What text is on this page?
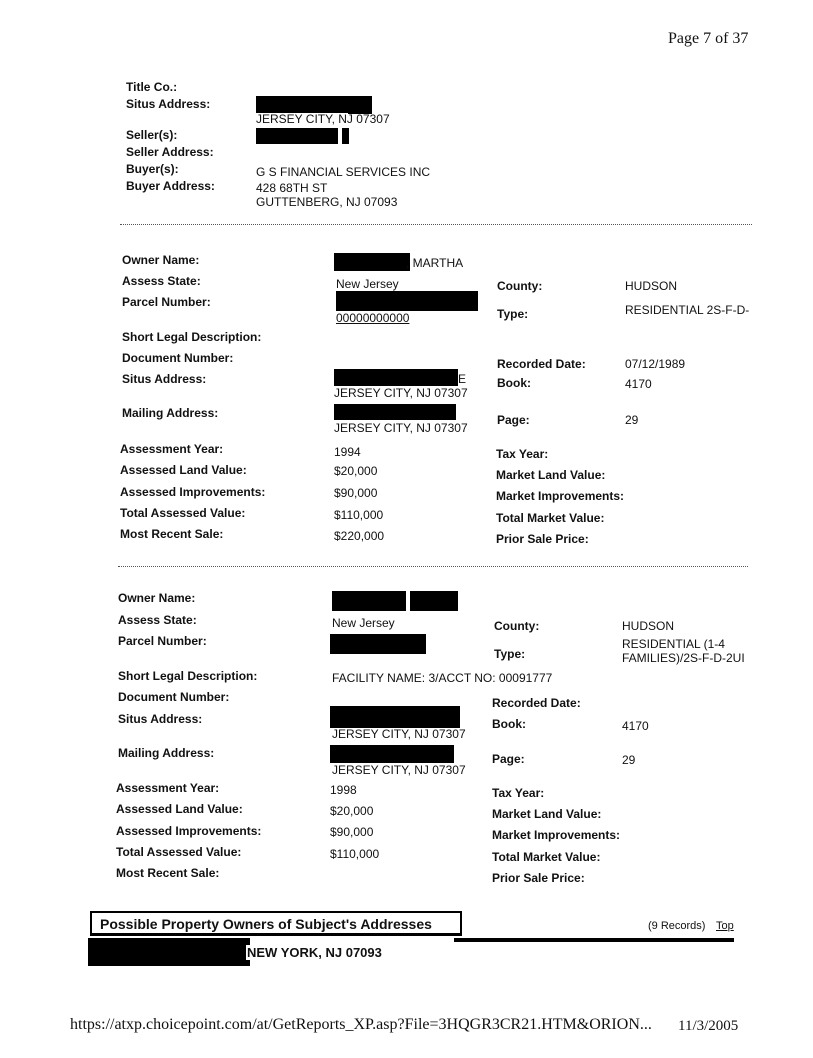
Page 7 of 37
Title Co.:
Situs Address:
JERSEY CITY, NJ 07307
Seller(s):
Seller Address:
Buyer(s):	G S FINANCIAL SERVICES INC
Buyer Address:	428 68TH ST
GUTTENBERG, NJ 07093
Owner Name:	, MARTHA
Assess State:	New Jersey	County:	HUDSON
Parcel Number:
00000000000	Type:	RESIDENTIAL 2S-F-D-
Short Legal Description:
Document Number:	Recorded Date:	07/12/1989
Situs Address:	E
JERSEY CITY, NJ 07307
Book:	4170
Mailing Address:
JERSEY CITY, NJ 07307
Page:	29
Assessment Year:	1994	Tax Year:
Assessed Land Value:	$20,000	Market Land Value:
Assessed Improvements:	$90,000	Market Improvements:
Total Assessed Value:	$110,000	Total Market Value:
Most Recent Sale:	$220,000	Prior Sale Price:
Owner Name:
Assess State:	New Jersey	County:	HUDSON
Parcel Number:
Type:
RESIDENTIAL (1-4
FAMILIES)/2S-F-D-2UI
Short Legal Description:	FACILITY NAME: 3/ACCT NO: 00091777
Document Number:	Recorded Date:
Situs Address:
JERSEY CITY, NJ 07307
Book:	4170
Mailing Address:
JERSEY CITY, NJ 07307
Page:	29
Assessment Year:	1998	Tax Year:
Assessed Land Value:	$20,000	Market Land Value:
Assessed Improvements:	$90,000	Market Improvements:
Total Assessed Value:	$110,000	Total Market Value:
Most Recent Sale:	Prior Sale Price:
Possible Property Owners of Subject's Addresses	(9 Records) Top
NEW YORK, NJ 07093
https://atxp.choicepoint.com/at/GetReports_XP.asp?File=3HQGR3CR21.HTM&ORION... 11/3/2005
